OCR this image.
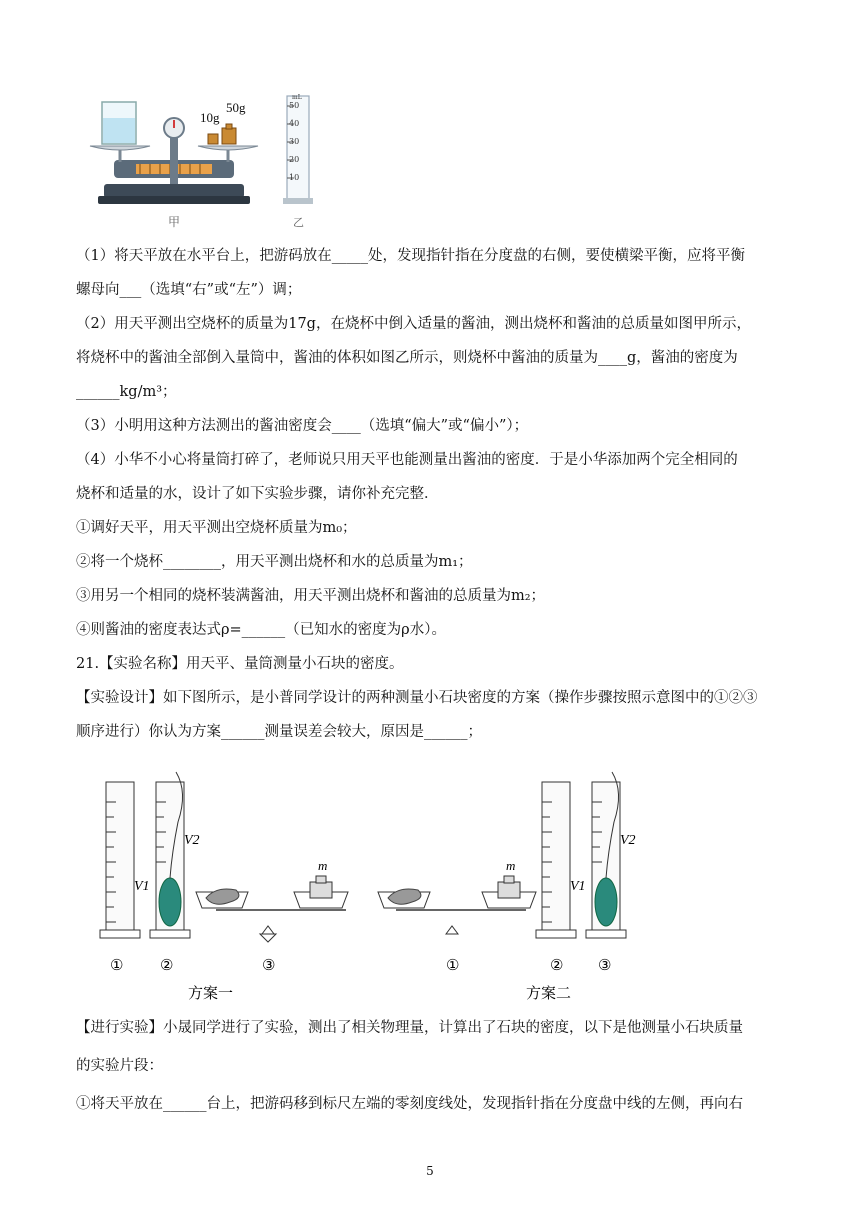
10g
50g
甲
mL
50
40
30
20
10
乙
（1）将天平放在水平台上，把游码放在_____处，发现指针指在分度盘的右侧，要使横梁平衡，应将平衡
螺母向___（选填“右”或“左”）调；
（2）用天平测出空烧杯的质量为17g，在烧杯中倒入适量的酱油，测出烧杯和酱油的总质量如图甲所示，
将烧杯中的酱油全部倒入量筒中，酱油的体积如图乙所示，则烧杯中酱油的质量为____g，酱油的密度为
______kg/m³；
（3）小明用这种方法测出的酱油密度会____（选填“偏大”或“偏小”）；
（4）小华不小心将量筒打碎了，老师说只用天平也能测量出酱油的密度．于是小华添加两个完全相同的
烧杯和适量的水，设计了如下实验步骤，请你补充完整．
①调好天平，用天平测出空烧杯质量为m₀；
②将一个烧杯________，用天平测出烧杯和水的总质量为m₁；
③用另一个相同的烧杯装满酱油，用天平测出烧杯和酱油的总质量为m₂；
④则酱油的密度表达式ρ=______（已知水的密度为ρ水）。
21.【实验名称】用天平、量筒测量小石块的密度。
【实验设计】如下图所示，是小普同学设计的两种测量小石块密度的方案（操作步骤按照示意图中的①②③
顺序进行）你认为方案______测量误差会较大，原因是______；
V2
V1
m
① ②	③
方案一
m
V2
V1
①	② ③
方案二
【进行实验】小晟同学进行了实验，测出了相关物理量，计算出了石块的密度，以下是他测量小石块质量
的实验片段：
①将天平放在______台上，把游码移到标尺左端的零刻度线处，发现指针指在分度盘中线的左侧，再向右
5
